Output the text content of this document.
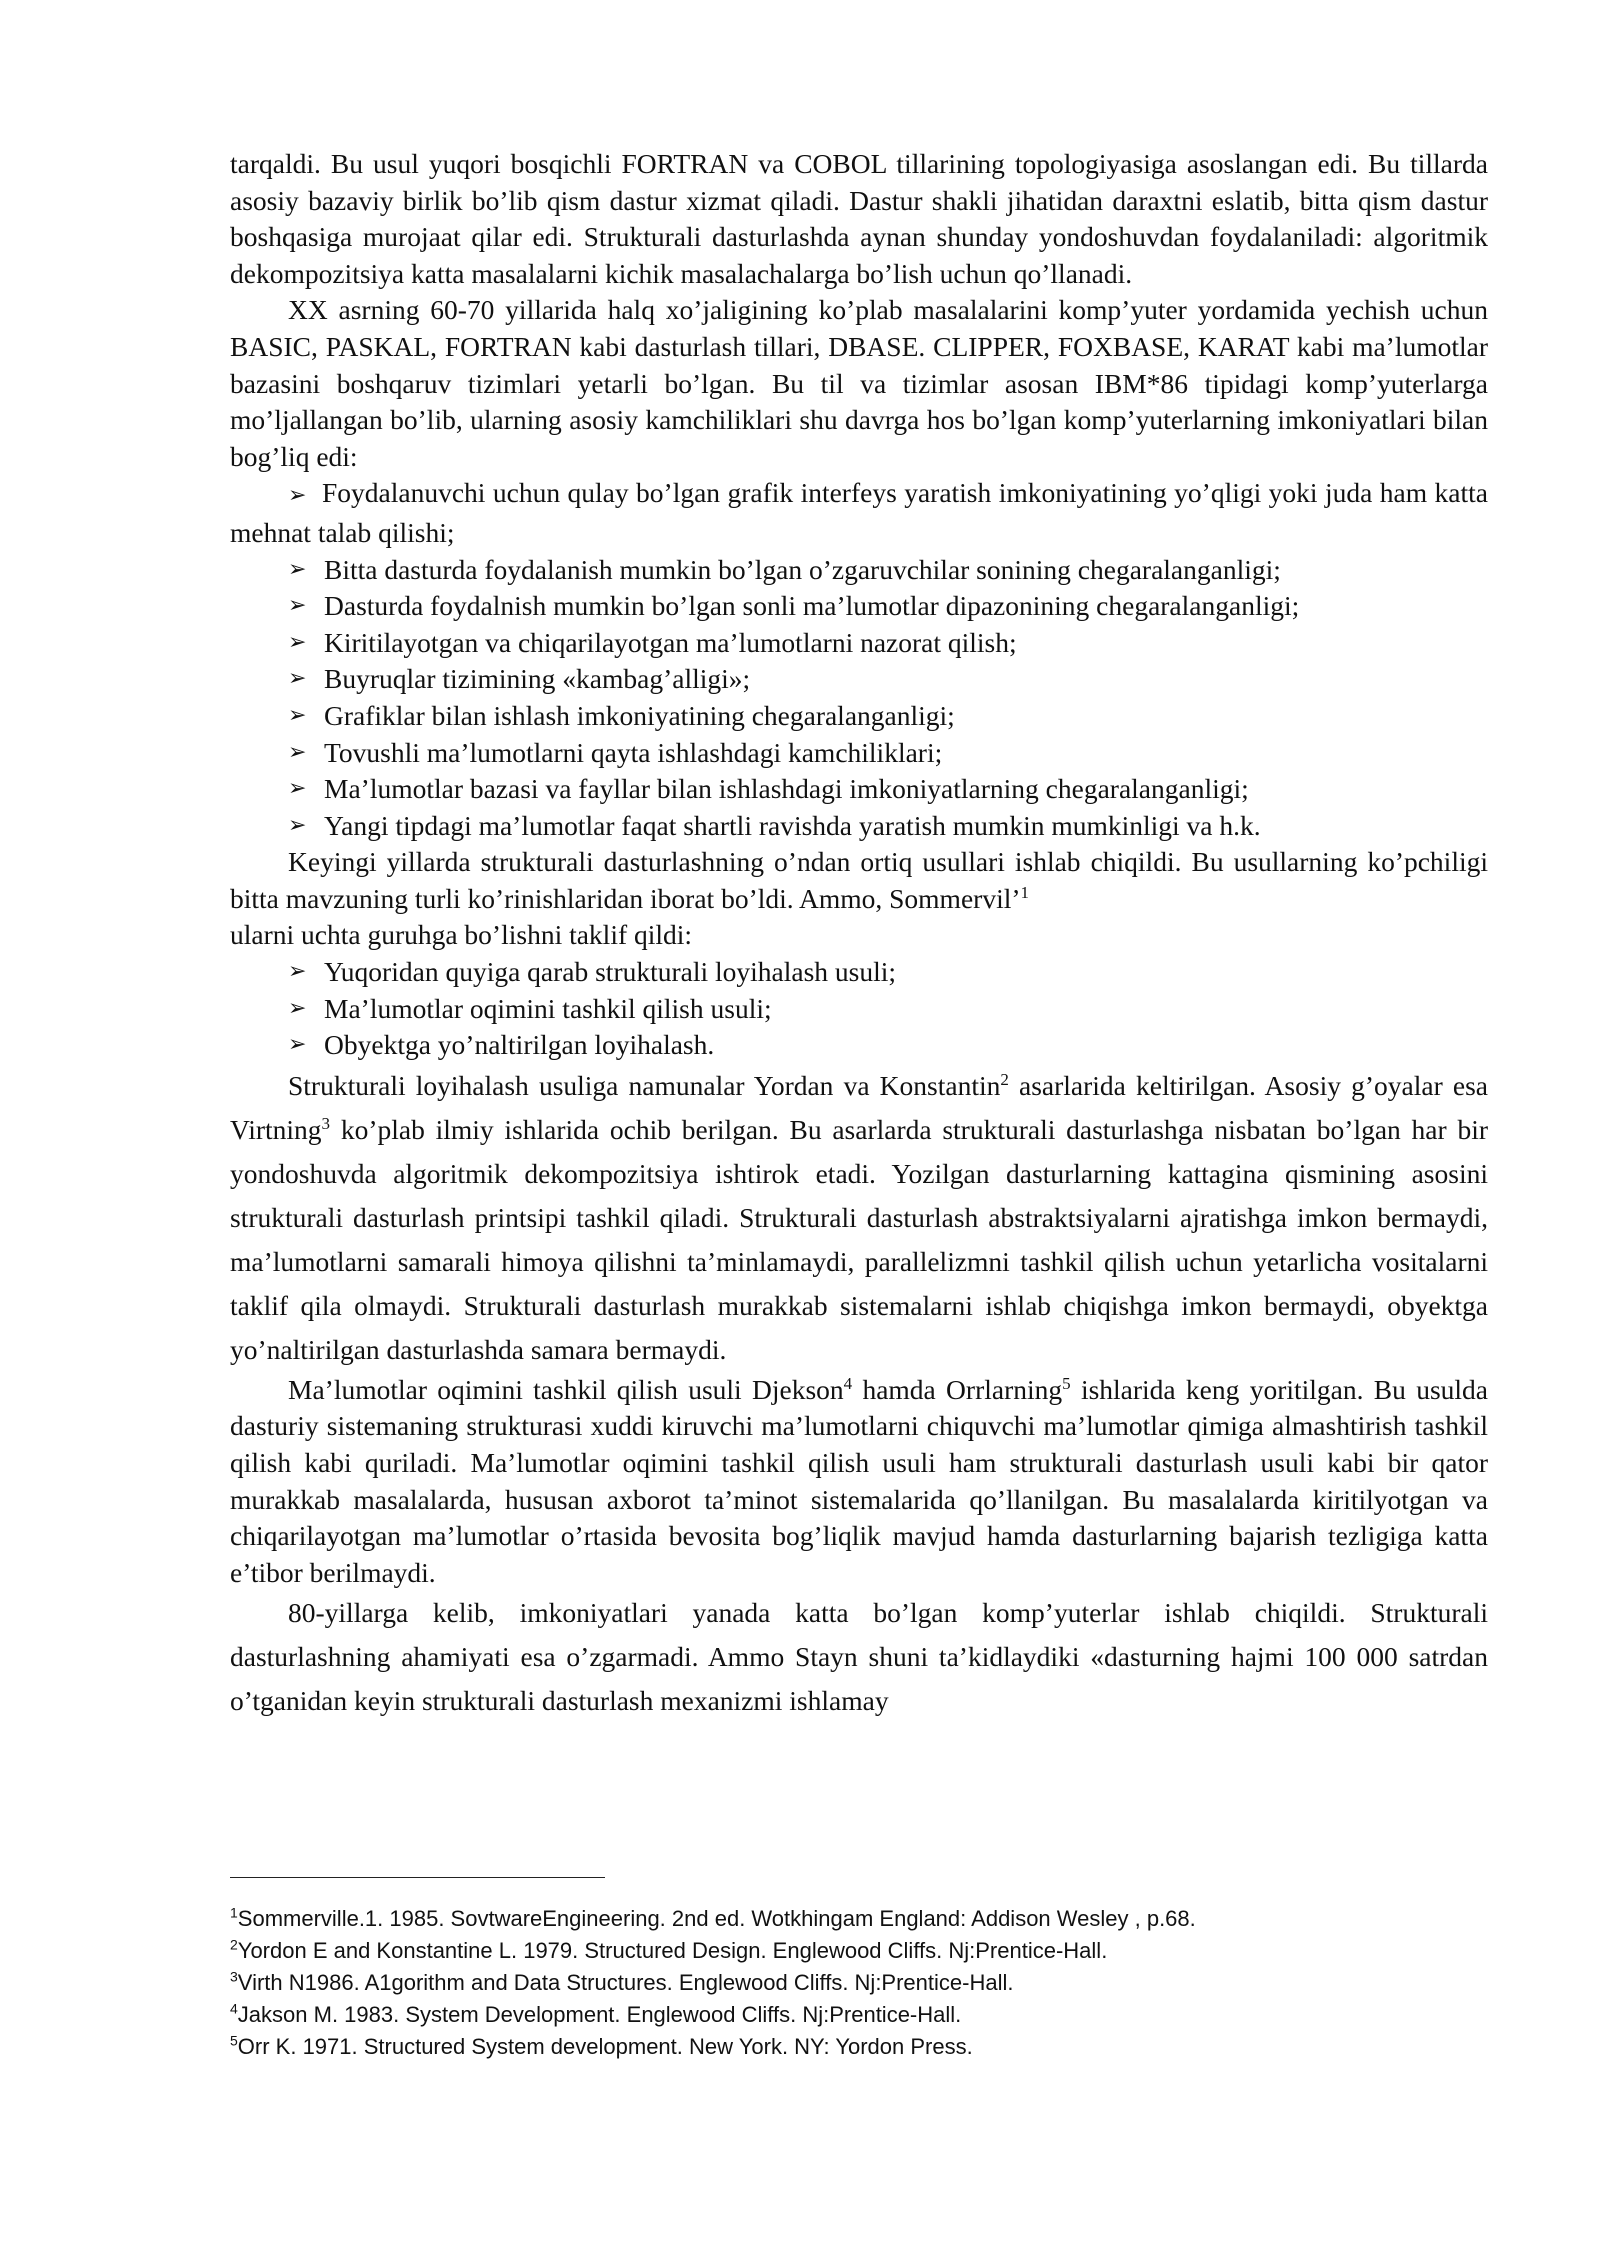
tarqaldi. Bu usul yuqori bosqichli FORTRAN va COBOL tillarining topologiyasiga asoslangan edi. Bu tillarda asosiy bazaviy birlik bo’lib qism dastur xizmat qiladi. Dastur shakli jihatidan daraxtni eslatib, bitta qism dastur boshqasiga murojaat qilar edi. Strukturali dasturlashda aynan shunday yondoshuvdan foydalaniladi: algoritmik dekompozitsiya katta masalalarni kichik masalachalarga bo’lish uchun qo’llanadi.

XX asrning 60-70 yillarida halq xo’jaligining ko’plab masalalarini komp’yuter yordamida yechish uchun BASIC, PASKAL, FORTRAN kabi dasturlash tillari, DBASE. CLIPPER, FOXBASE, KARAT kabi ma’lumotlar bazasini boshqaruv tizimlari yetarli bo’lgan. Bu til va tizimlar asosan IBM*86 tipidagi komp’yuterlarga mo’ljallangan bo’lib, ularning asosiy kamchiliklari shu davrga hos bo’lgan komp’yuterlarning imkoniyatlari bilan bog’liq edi:

➢ Foydalanuvchi uchun qulay bo’lgan grafik interfeys yaratish imkoniyatining yo’qligi yoki juda ham katta mehnat talab qilishi;
➢ Bitta dasturda foydalanish mumkin bo’lgan o’zgaruvchilar sonining chegaralanganligi;
➢ Dasturda foydalnish mumkin bo’lgan sonli ma’lumotlar dipazonining chegaralanganligi;
➢ Kiritilayotgan va chiqarilayotgan ma’lumotlarni nazorat qilish;
➢ Buyruqlar tizimining «kambag’alligi»;
➢ Grafiklar bilan ishlash imkoniyatining chegaralanganligi;
➢ Tovushli ma’lumotlarni qayta ishlashdagi kamchiliklari;
➢ Ma’lumotlar bazasi va fayllar bilan ishlashdagi imkoniyatlarning chegaralanganligi;
➢ Yangi tipdagi ma’lumotlar faqat shartli ravishda yaratish mumkin mumkinligi va h.k.

Keyingi yillarda strukturali dasturlashning o’ndan ortiq usullari ishlab chiqildi. Bu usullarning ko’pchiligi bitta mavzuning turli ko’rinishlaridan iborat bo’ldi. Ammo, Sommervil’$^1$
ularni uchta guruhga bo’lishni taklif qildi:

➢ Yuqoridan quyiga qarab strukturali loyihalash usuli;
➢ Ma’lumotlar oqimini tashkil qilish usuli;
➢ Obyektga yo’naltirilgan loyihalash.

Strukturali loyihalash usuliga namunalar Yordan va Konstantin$^2$ asarlarida keltirilgan. Asosiy g’oyalar esa Virtning$^3$ ko’plab ilmiy ishlarida ochib berilgan. Bu asarlarda strukturali dasturlashga nisbatan bo’lgan har bir yondoshuvda algoritmik dekompozitsiya ishtirok etadi. Yozilgan dasturlarning kattagina qismining asosini strukturali dasturlash printsipi tashkil qiladi. Strukturali dasturlash abstraktsiyalarni ajratishga imkon bermaydi, ma’lumotlarni samarali himoya qilishni ta’minlamaydi, parallelizmni tashkil qilish uchun yetarlicha vositalarni taklif qila olmaydi. Strukturali dasturlash murakkab sistemalarni ishlab chiqishga imkon bermaydi, obyektga yo’naltirilgan dasturlashda samara bermaydi.

Ma’lumotlar oqimini tashkil qilish usuli Djekson$^4$ hamda Orrlarning$^5$ ishlarida keng yoritilgan. Bu usulda dasturiy sistemaning strukturasi xuddi kiruvchi ma’lumotlarni chiquvchi ma’lumotlar qimiga almashtirish tashkil qilish kabi quriladi. Ma’lumotlar oqimini tashkil qilish usuli ham strukturali dasturlash usuli kabi bir qator murakkab masalalarda, hususan axborot ta’minot sistemalarida qo’llanilgan. Bu masalalarda kiritilyotgan va chiqarilayotgan ma’lumotlar o’rtasida bevosita bog’liqlik mavjud hamda dasturlarning bajarish tezligiga katta e’tibor berilmaydi.

80-yillarga kelib, imkoniyatlari yanada katta bo’lgan komp’yuterlar ishlab chiqildi. Strukturali dasturlashning ahamiyati esa o’zgarmadi. Ammo Stayn shuni ta’kidlaydiki «dasturning hajmi 100 000 satrdan o’tganidan keyin strukturali dasturlash mexanizmi ishlamay

$^1$Sommerville.1. 1985. SovtwareEngineering. 2nd ed. Wotkhingam England: Addison Wesley , p.68.
$^2$Yordon E and Konstantine L. 1979. Structured Design. Englewood Cliffs. Nj:Prentice-Hall.
$^3$Virth N1986. A1gorithm and Data Structures. Englewood Cliffs. Nj:Prentice-Hall.
$^4$Jakson M. 1983. System Development. Englewood Cliffs. Nj:Prentice-Hall.
$^5$Orr K. 1971. Structured System development. New York. NY: Yordon Press.
